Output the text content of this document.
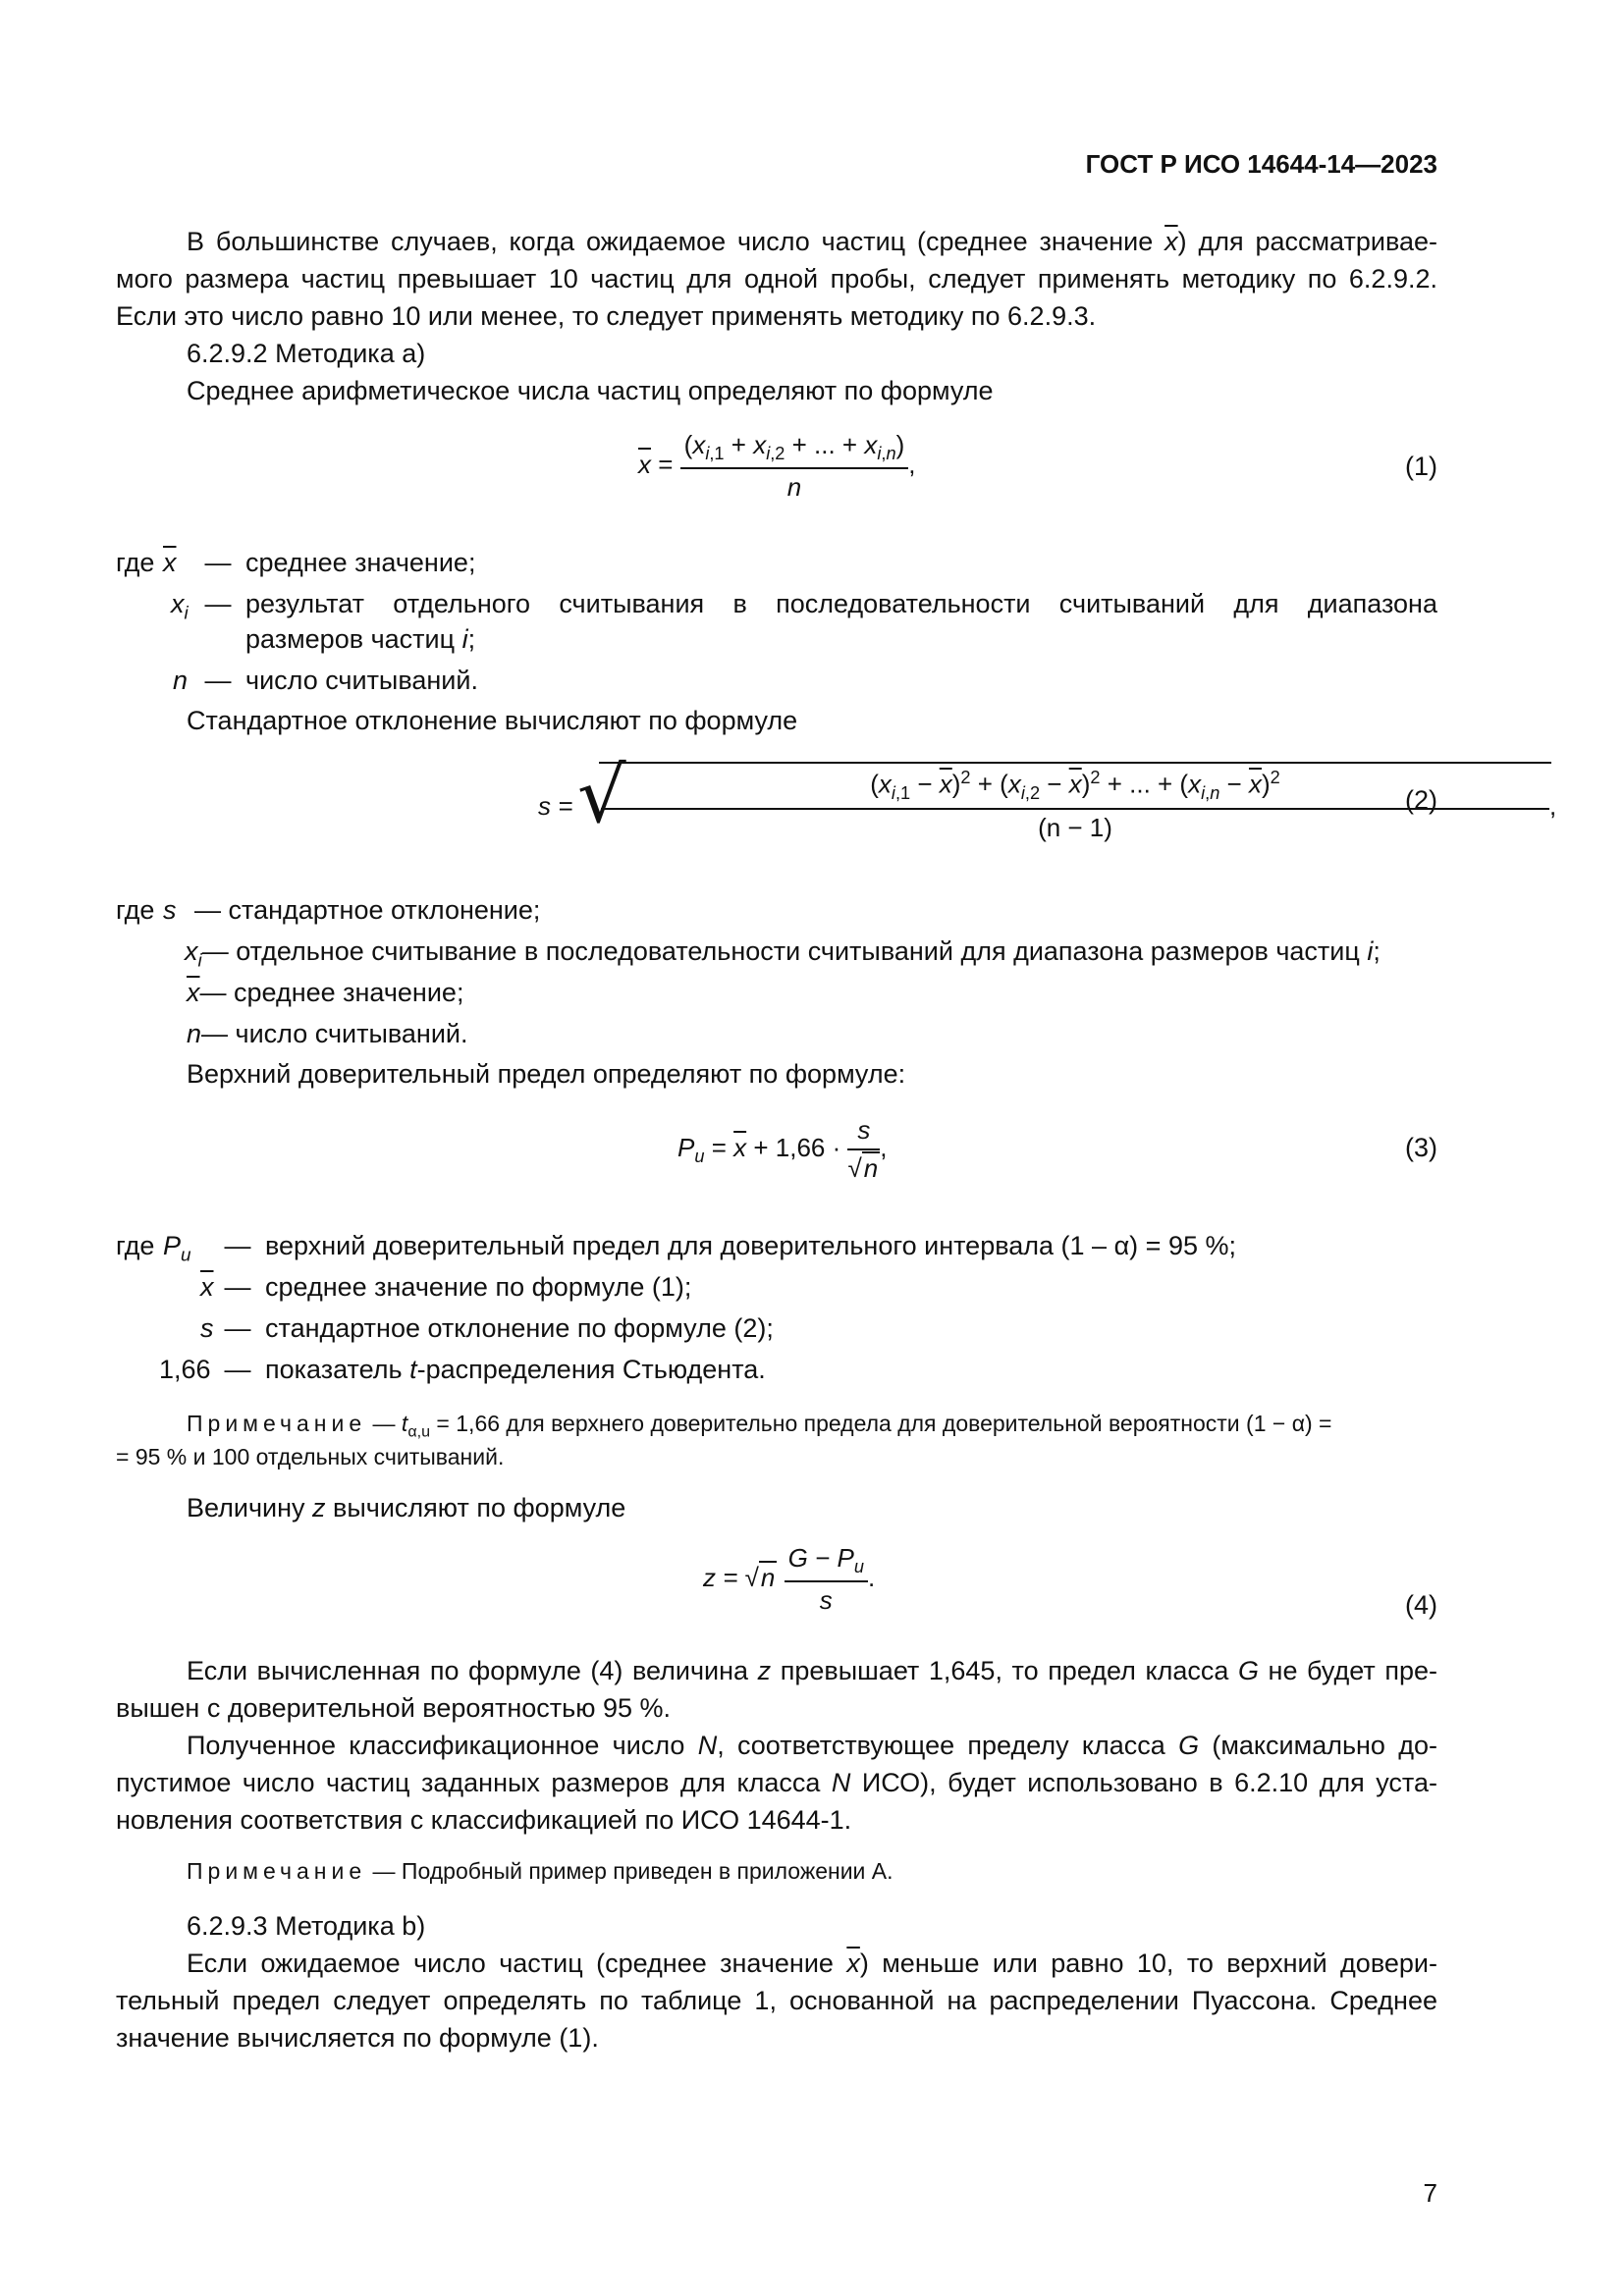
ГОСТ Р ИСО 14644-14—2023
В большинстве случаев, когда ожидаемое число частиц (среднее значение $\overline{x}$) для рассматривае-
мого размера частиц превышает 10 частиц для одной пробы, следует применять методику по 6.2.9.2.
Если это число равно 10 или менее, то следует применять методику по 6.2.9.3.
6.2.9.2 Методика a)
Среднее арифметическое числа частиц определяют по формуле
$\overline{x} = \frac{(x_{i,1} + x_{i,2} + ... + x_{i,n})}{n}$ ,	(1)
где $\overline{x}$	— среднее значение;
$x_i$ — результат отдельного считывания в последовательности считываний для диапазона
размеров частиц i;
n — число считываний.
Стандартное отклонение вычисляют по формуле
s = √	$(x_{i,1} - \overline{x})^2 + (x_{i,2} - \overline{x})^2$ + ... + $(x_{i,n} - \overline{x})^2$
(n − 1)
,
(2)
где s — стандартное отклонение;
$x_i—$ отдельное считывание в последовательности считываний для диапазона размеров частиц i;
$\overline{x}—$ среднее значение;
n— число считываний.
Верхний доверительный предел определяют по формуле:
$P_u = \overline{x} + 1,66 \cdot \frac{s}{√n}$ ,	(3)
где $P_u$	— верхний доверительный предел для доверительного интервала (1 – α) = 95 %;
$\overline{x}$ — среднее значение по формуле (1);
s — стандартное отклонение по формуле (2);
1,66 — показатель t-распределения Стьюдента.
Примечание — $t_{\alpha,u} = 1,66$ для верхнего доверительно предела для доверительной вероятности (1 − α) =
= 95 % и 100 отдельных считываний.
Величину z вычисляют по формуле
$z = √n \frac{G - P_u}{s}$ .
(4)
Если вычисленная по формуле (4) величина z превышает 1,645, то предел класса G не будет пре-
вышен с доверительной вероятностью 95 %.
Полученное классификационное число N, соответствующее пределу класса G (максимально до-
пустимое число частиц заданных размеров для класса N ИСО), будет использовано в 6.2.10 для уста-
новления соответствия с классификацией по ИСО 14644-1.
Примечание — Подробный пример приведен в приложении А.
6.2.9.3 Методика b)
Если ожидаемое число частиц (среднее значение $\overline{x}$) меньше или равно 10, то верхний довери-
тельный предел следует определять по таблице 1, основанной на распределении Пуассона. Среднее
значение вычисляется по формуле (1).
7
